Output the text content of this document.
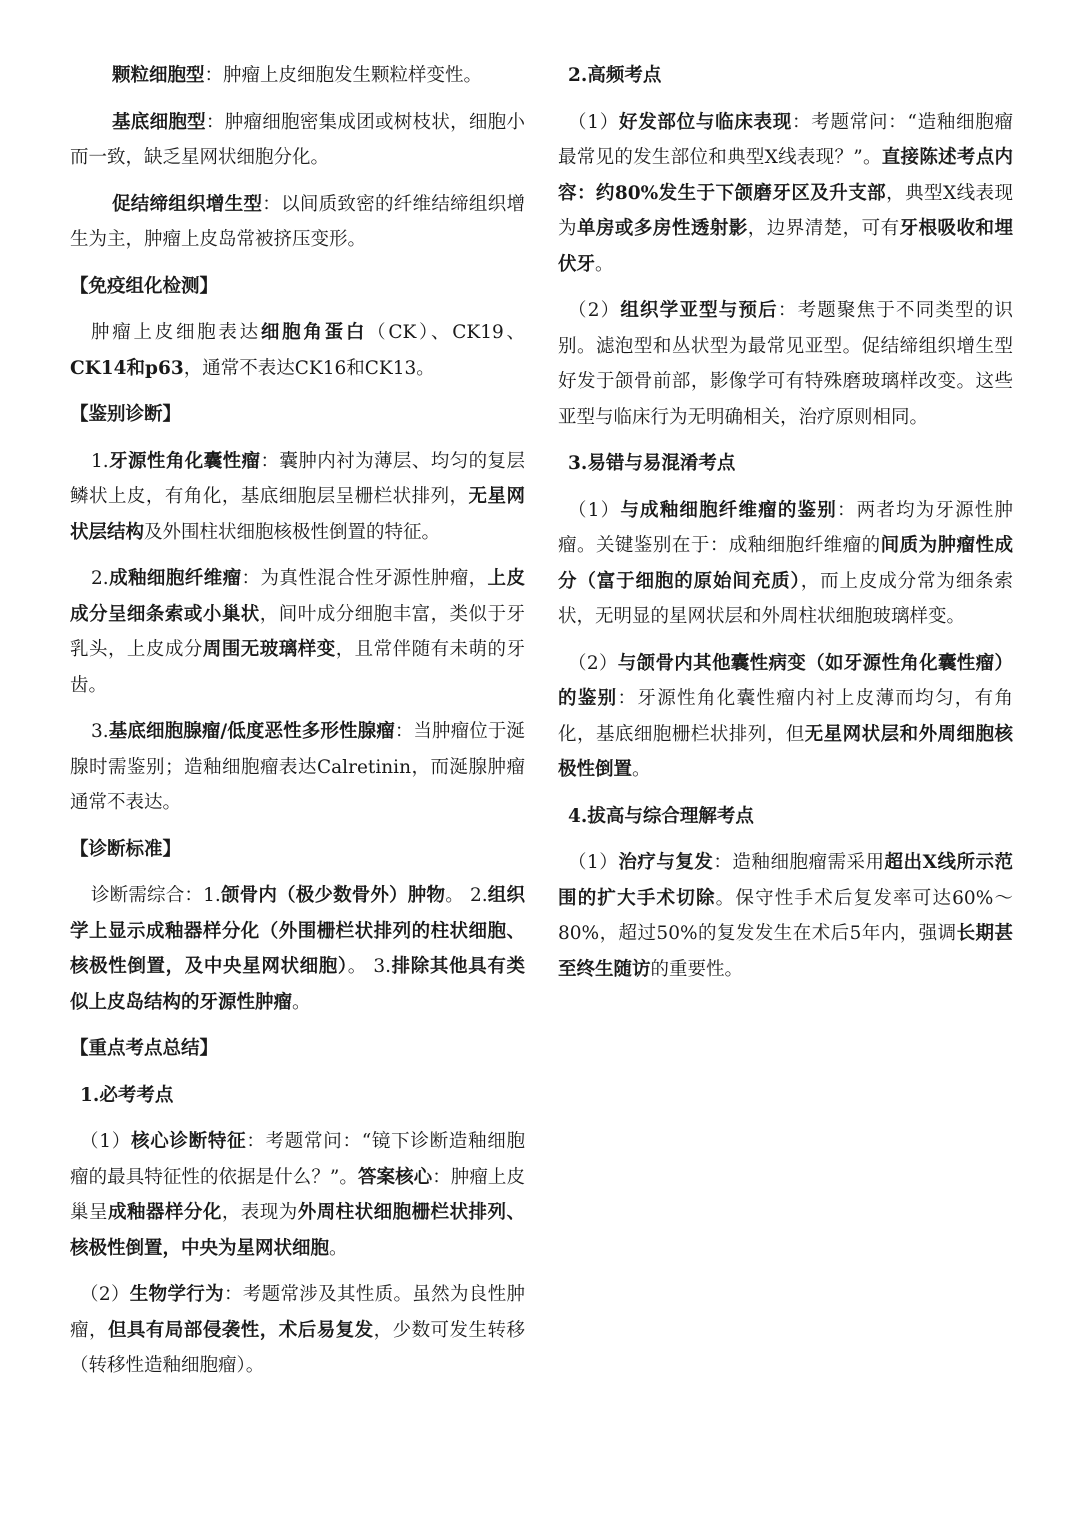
颗粒细胞型：肿瘤上皮细胞发生颗粒样变性。

基底细胞型：肿瘤细胞密集成团或树枝状，细胞小而一致，缺乏星网状细胞分化。

促结缔组织增生型：以间质致密的纤维结缔组织增生为主，肿瘤上皮岛常被挤压变形。

【免疫组化检测】

肿瘤上皮细胞表达细胞角蛋白（CK）、CK19、CK14和p63，通常不表达CK16和CK13。

【鉴别诊断】

1.牙源性角化囊性瘤：囊肿内衬为薄层、均匀的复层鳞状上皮，有角化，基底细胞层呈栅栏状排列，无星网状层结构及外围柱状细胞核极性倒置的特征。

2.成釉细胞纤维瘤：为真性混合性牙源性肿瘤，上皮成分呈细条索或小巢状，间叶成分细胞丰富，类似于牙乳头，上皮成分周围无玻璃样变，且常伴随有未萌的牙齿。

3.基底细胞腺瘤/低度恶性多形性腺瘤：当肿瘤位于涎腺时需鉴别；造釉细胞瘤表达Calretinin，而涎腺肿瘤通常不表达。

【诊断标准】

诊断需综合：1.颌骨内（极少数骨外）肿物。 2.组织学上显示成釉器样分化（外围栅栏状排列的柱状细胞、核极性倒置，及中央星网状细胞）。 3.排除其他具有类似上皮岛结构的牙源性肿瘤。

【重点考点总结】

1.必考考点

（1）核心诊断特征：考题常问：“镜下诊断造釉细胞瘤的最具特征性的依据是什么？”。答案核心：肿瘤上皮巢呈成釉器样分化，表现为外周柱状细胞栅栏状排列、核极性倒置，中央为星网状细胞。

（2）生物学行为：考题常涉及其性质。虽然为良性肿瘤，但具有局部侵袭性，术后易复发，少数可发生转移（转移性造釉细胞瘤）。

2.高频考点

（1）好发部位与临床表现：考题常问：“造釉细胞瘤最常见的发生部位和典型X线表现？”。直接陈述考点内容：约80%发生于下颌磨牙区及升支部，典型X线表现为单房或多房性透射影，边界清楚，可有牙根吸收和埋伏牙。

（2）组织学亚型与预后：考题聚焦于不同类型的识别。滤泡型和丛状型为最常见亚型。促结缔组织增生型好发于颌骨前部，影像学可有特殊磨玻璃样改变。这些亚型与临床行为无明确相关，治疗原则相同。

3.易错与易混淆考点

（1）与成釉细胞纤维瘤的鉴别：两者均为牙源性肿瘤。关键鉴别在于：成釉细胞纤维瘤的间质为肿瘤性成分（富于细胞的原始间充质），而上皮成分常为细条索状，无明显的星网状层和外周柱状细胞玻璃样变。

（2）与颌骨内其他囊性病变（如牙源性角化囊性瘤）的鉴别：牙源性角化囊性瘤内衬上皮薄而均匀，有角化，基底细胞栅栏状排列，但无星网状层和外周细胞核极性倒置。

4.拔高与综合理解考点

（1）治疗与复发：造釉细胞瘤需采用超出X线所示范围的扩大手术切除。保守性手术后复发率可达60%～80%，超过50%的复发发生在术后5年内，强调长期甚至终生随访的重要性。
